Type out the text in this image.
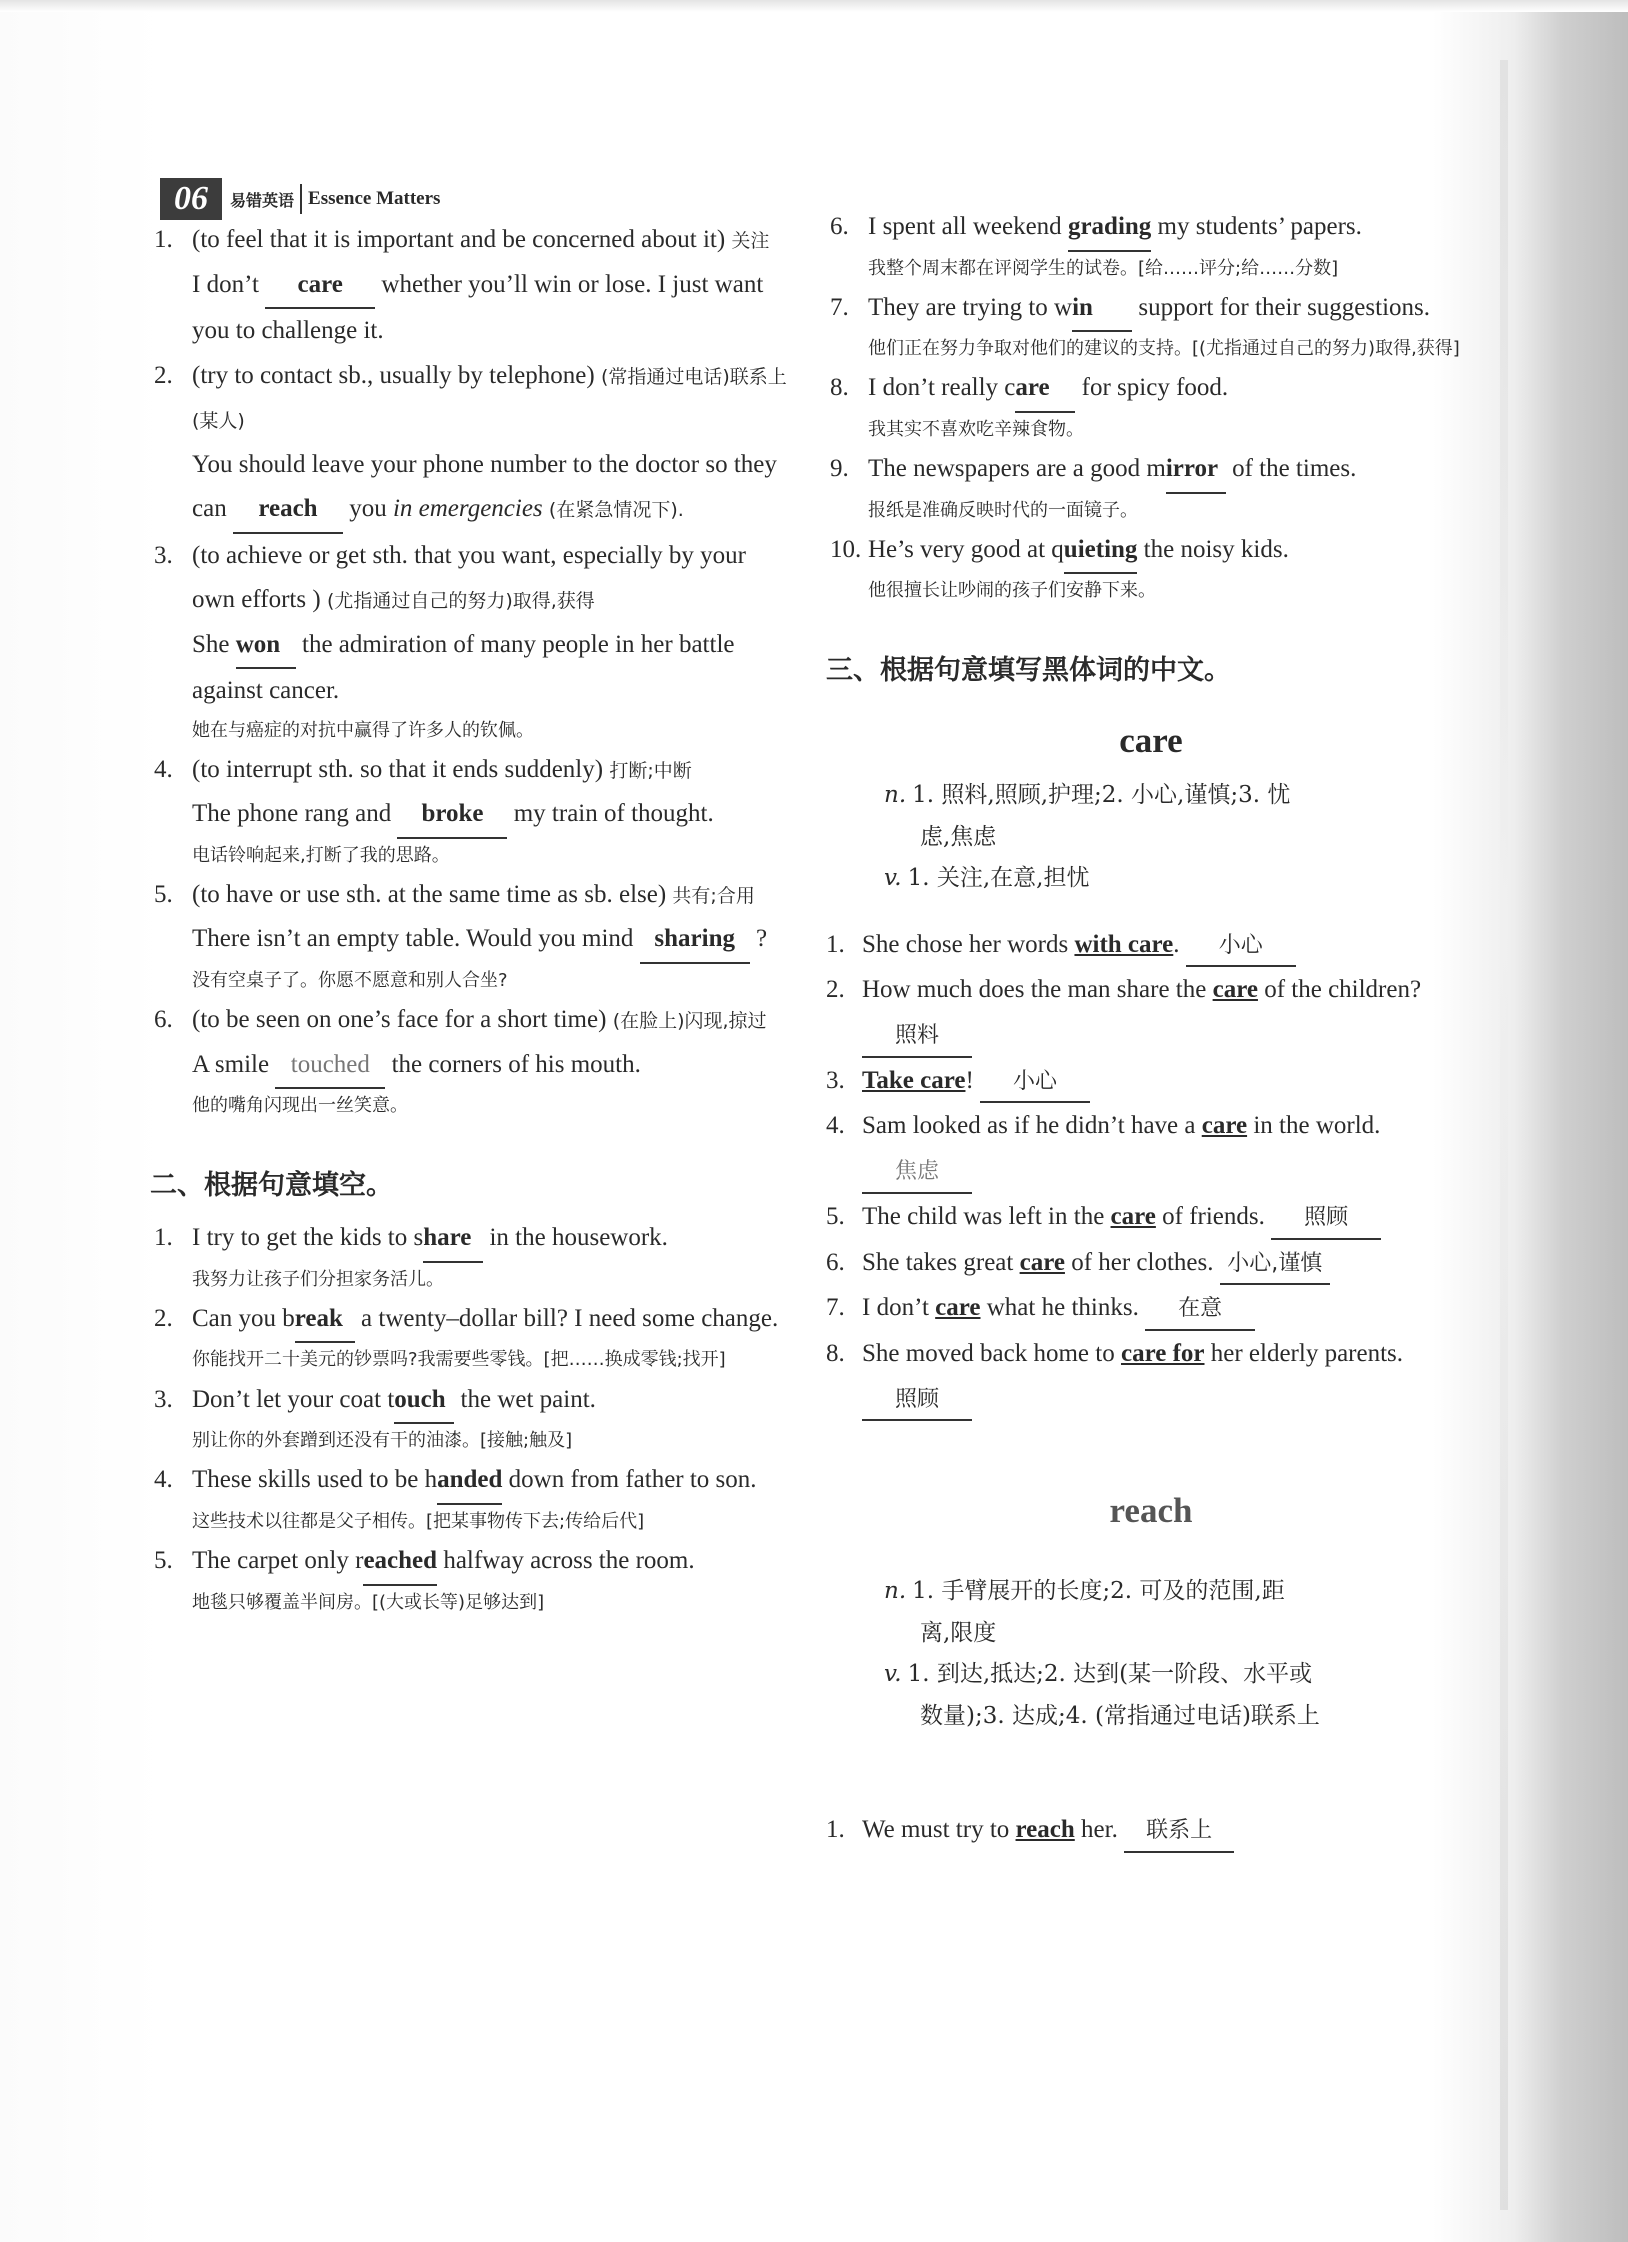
06	易错英语 Essence Matters
1. (to feel that it is important and be concerned about it) 关注
I don’t care whether you’ll win or lose. I just want you to challenge it.
2. (try to contact sb., usually by telephone) (常指通过电话)联系上(某人)
You should leave your phone number to the doctor so they can reach you in emergencies (在紧急情况下).
3. (to achieve or get sth. that you want, especially by your own efforts ) (尤指通过自己的努力)取得,获得
She won the admiration of many people in her battle against cancer.
她在与癌症的对抗中赢得了许多人的钦佩。
4. (to interrupt sth. so that it ends suddenly) 打断;中断
The phone rang and broke my train of thought.
电话铃响起来,打断了我的思路。
5. (to have or use sth. at the same time as sb. else) 共有;合用
There isn’t an empty table. Would you mind sharing ?
没有空桌子了。你愿不愿意和别人合坐?
6. (to be seen on one’s face for a short time) (在脸上)闪现,掠过
A smile touched the corners of his mouth.
他的嘴角闪现出一丝笑意。
二、根据句意填空。
1. I try to get the kids to share in the housework.
我努力让孩子们分担家务活儿。
2. Can you break a twenty–dollar bill? I need some change.
你能找开二十美元的钞票吗?我需要些零钱。[把……换成零钱;找开]
3. Don’t let your coat touch the wet paint.
别让你的外套蹭到还没有干的油漆。[接触;触及]
4. These skills used to be handed down from father to son.
这些技术以往都是父子相传。[把某事物传下去;传给后代]
5. The carpet only reached halfway across the room.
地毯只够覆盖半间房。[(大或长等)足够达到]
6. I spent all weekend grading my students’ papers.
我整个周末都在评阅学生的试卷。[给……评分;给……分数]
7. They are trying to win support for their suggestions.
他们正在努力争取对他们的建议的支持。[(尤指通过自己的努力)取得,获得]
8. I don’t really care for spicy food.
我其实不喜欢吃辛辣食物。
9. The newspapers are a good mirror of the times.
报纸是准确反映时代的一面镜子。
10. He’s very good at quieting the noisy kids.
他很擅长让吵闹的孩子们安静下来。
三、根据句意填写黑体词的中文。
care
n. 1. 照料,照顾,护理;2. 小心,谨慎;3. 忧
虑,焦虑
v. 1. 关注,在意,担忧
1. She chose her words with care. 小心
2. How much does the man share the care of the children? 照料
3. Take care! 小心
4. Sam looked as if he didn’t have a care in the world. 焦虑
5. The child was left in the care of friends. 照顾
6. She takes great care of her clothes. 小心,谨慎
7. I don’t care what he thinks. 在意
8. She moved back home to care for her elderly parents. 照顾
reach
n. 1. 手臂展开的长度;2. 可及的范围,距
离,限度
v. 1. 到达,抵达;2. 达到(某一阶段、水平或
数量);3. 达成;4. (常指通过电话)联系上
1. We must try to reach her. 联系上
